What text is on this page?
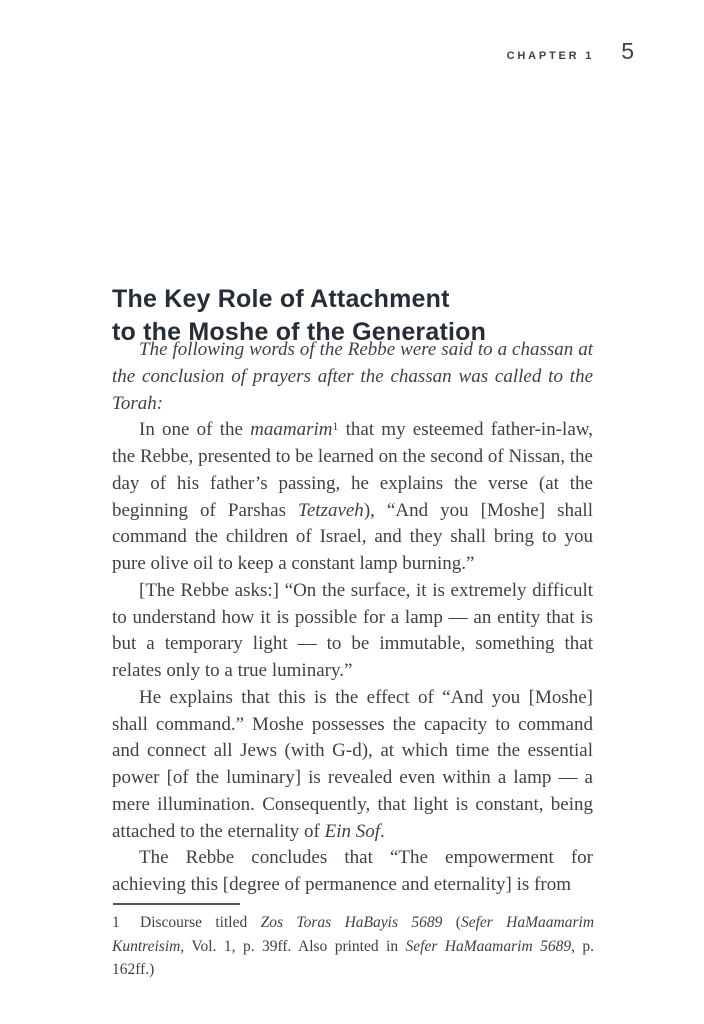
CHAPTER 1 5
The Key Role of Attachment
to the Moshe of the Generation

The following words of the Rebbe were said to a chassan at the conclusion of prayers after the chassan was called to the Torah:

In one of the maamarim$^1$ that my esteemed father-in-law, the Rebbe, presented to be learned on the second of Nissan, the day of his father’s passing, he explains the verse (at the beginning of Parshas Tetzaveh), “And you [Moshe] shall command the children of Israel, and they shall bring to you pure olive oil to keep a constant lamp burning.”

[The Rebbe asks:] “On the surface, it is extremely difficult to understand how it is possible for a lamp — an entity that is but a temporary light — to be immutable, something that relates only to a true luminary.”

He explains that this is the effect of “And you [Moshe] shall command.” Moshe possesses the capacity to command and connect all Jews (with G-d), at which time the essential power [of the luminary] is revealed even within a lamp — a mere illumination. Consequently, that light is constant, being attached to the eternality of Ein Sof.

The Rebbe concludes that “The empowerment for achieving this [degree of permanence and eternality] is from

1 Discourse titled Zos Toras HaBayis 5689 (Sefer HaMaamarim Kuntreisim, Vol. 1, p. 39ff. Also printed in Sefer HaMaamarim 5689, p. 162ff.)
